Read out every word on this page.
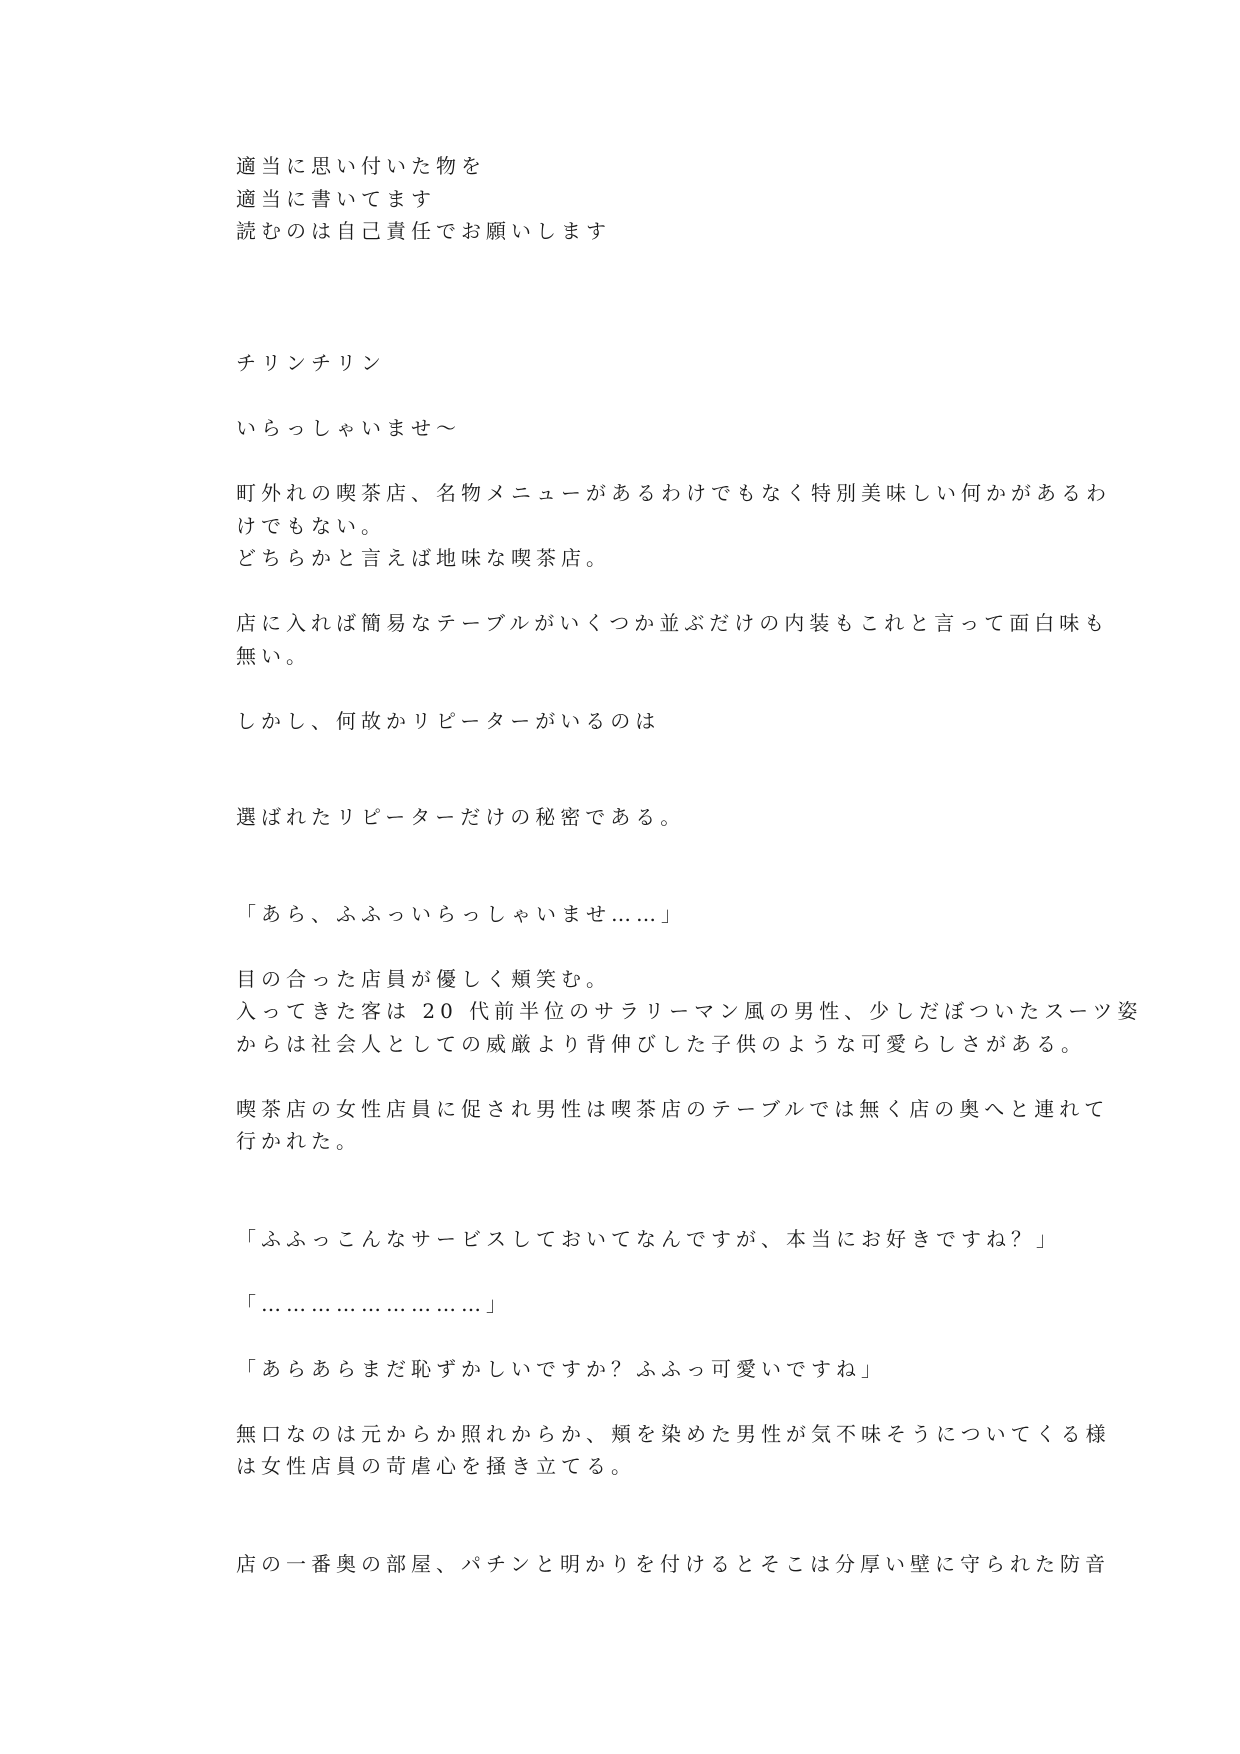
適当に思い付いた物を

適当に書いてます

読むのは自己責任でお願いします

チリンチリン

いらっしゃいませ～

町外れの喫茶店、名物メニューがあるわけでもなく特別美味しい何かがあるわ

けでもない。

どちらかと言えば地味な喫茶店。

店に入れば簡易なテーブルがいくつか並ぶだけの内装もこれと言って面白味も

無い。

しかし、何故かリピーターがいるのは

選ばれたリピーターだけの秘密である。

「あら、ふふっいらっしゃいませ……」

目の合った店員が優しく頬笑む。

入ってきた客は 20 代前半位のサラリーマン風の男性、少しだぼついたスーツ姿

からは社会人としての威厳より背伸びした子供のような可愛らしさがある。

喫茶店の女性店員に促され男性は喫茶店のテーブルでは無く店の奥へと連れて

行かれた。

「ふふっこんなサービスしておいてなんですが、本当にお好きですね？」

「………………………」

「あらあらまだ恥ずかしいですか？ふふっ可愛いですね」

無口なのは元からか照れからか、頬を染めた男性が気不味そうについてくる様

は女性店員の苛虐心を掻き立てる。

店の一番奥の部屋、パチンと明かりを付けるとそこは分厚い壁に守られた防音
